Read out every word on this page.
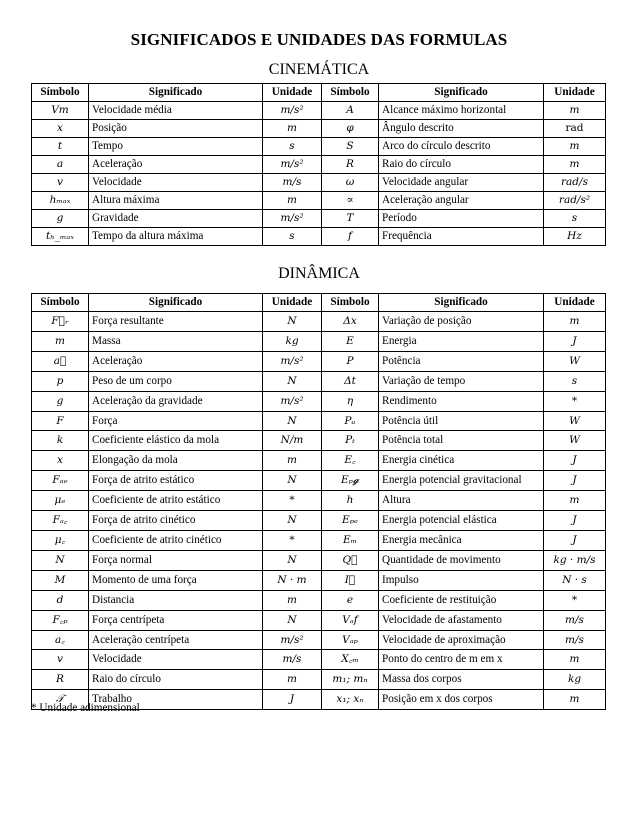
SIGNIFICADOS E UNIDADES DAS FORMULAS
CINEMÁTICA
Símbolo	Significado	Unidade	Símbolo	Significado	Unidade
Vm	Velocidade média	m/s²	A	Alcance máximo horizontal	m
x	Posição	m	φ	Ângulo descrito	rad
t	Tempo	s	S	Arco do círculo descrito	m
a	Aceleração	m/s²	R	Raio do círculo	m
v	Velocidade	m/s	ω	Velocidade angular	rad/s
hₘₐₓ	Altura máxima	m	∝	Aceleração angular	rad/s²
g	Gravidade	m/s²	T	Período	s
tₕ_ₘₐₓ	Tempo da altura máxima	s	f	Frequência	Hz
DINÂMICA
Símbolo	Significado	Unidade	Símbolo	Significado	Unidade
F⃗ᵣ	Força resultante	N	Δx	Variação de posição	m
m	Massa	kg	E	Energia	J
a⃗	Aceleração	m/s²	P	Potência	W
p	Peso de um corpo	N	Δt	Variação de tempo	s
g	Aceleração da gravidade	m/s²	η	Rendimento	*
F	Força	N	Pᵤ	Potência útil	W
k	Coeficiente elástico da mola	N/m	Pₜ	Potência total	W
x	Elongação da mola	m	E꜀	Energia cinética	J
Fₐₑ	Força de atrito estático	N	Eₚ𝓰	Energia potencial gravitacional	J
μₑ	Coeficiente de atrito estático	*	h	Altura	m
Fₐ꜀	Força de atrito cinético	N	Eₚₑ	Energia potencial elástica	J
μ꜀	Coeficiente de atrito cinético	*	Eₘ	Energia mecânica	J
N	Força normal	N	Q⃗	Quantidade de movimento	kg · m/s
M	Momento de uma força	N · m	I⃗	Impulso	N · s
d	Distancia	m	e	Coeficiente de restituição	*
F꜀ₚ	Força centrípeta	N	Vₐf	Velocidade de afastamento	m/s
a꜀	Aceleração centrípeta	m/s²	Vₐₚ	Velocidade de aproximação	m/s
v	Velocidade	m/s	X꜀ₘ	Ponto do centro de m em x	m
R	Raio do círculo	m	m₁; mₙ	Massa dos corpos	kg
𝒯	Trabalho	J	x₁; xₙ	Posição em x dos corpos	m
* Unidade adimensional
